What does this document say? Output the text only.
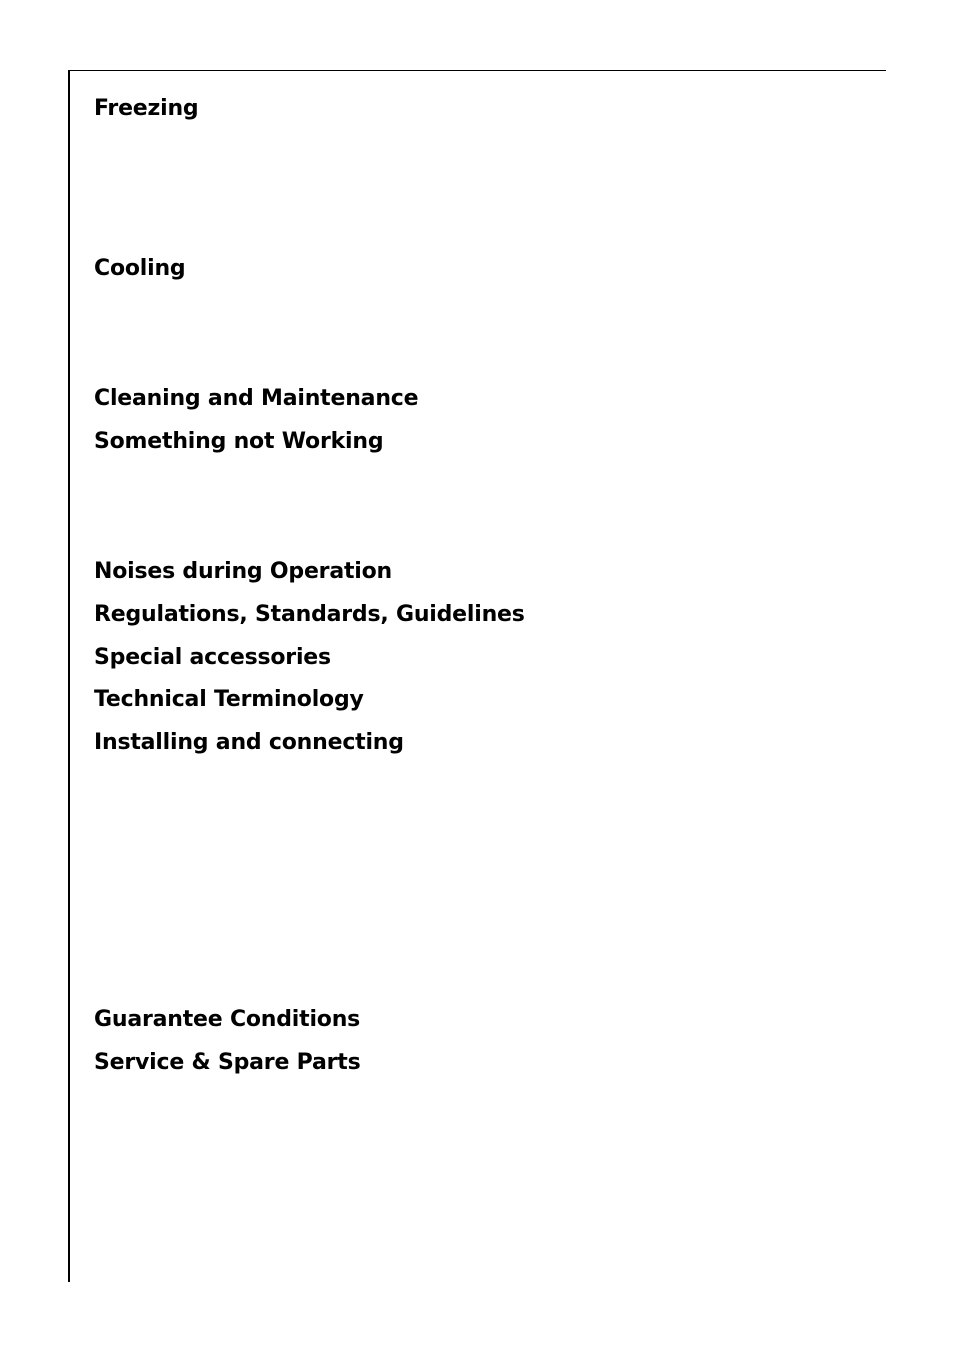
Freezing
Cooling
Cleaning and Maintenance
Something not Working
Noises during Operation
Regulations, Standards, Guidelines
Special accessories
Technical Terminology
Installing and connecting
Guarantee Conditions
Service & Spare Parts
